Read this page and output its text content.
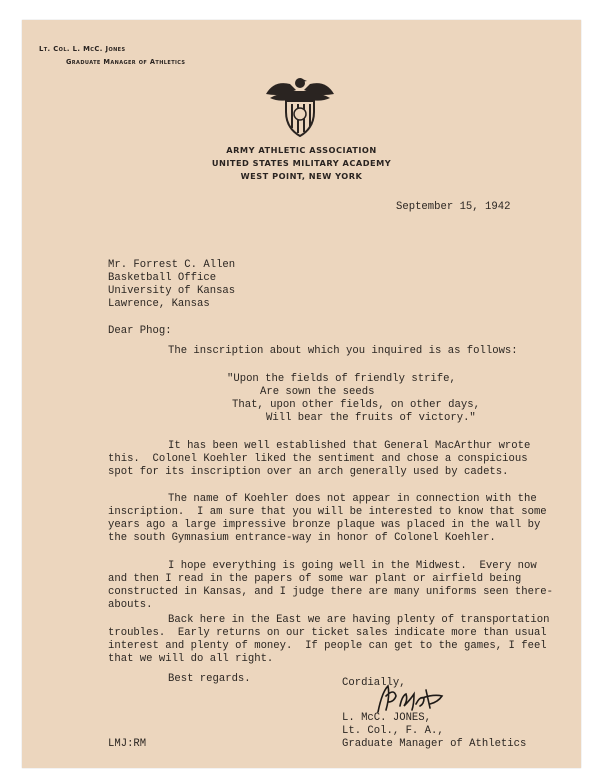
Lt. Col. L. McC. Jones
Graduate Manager of Athletics
ARMY ATHLETIC ASSOCIATION
UNITED STATES MILITARY ACADEMY
WEST POINT, NEW YORK
September 15, 1942
Mr. Forrest C. Allen
Basketball Office
University of Kansas
Lawrence, Kansas
Dear Phog:
The inscription about which you inquired is as follows:
"Upon the fields of friendly strife,
Are sown the seeds
That, upon other fields, on other days,
Will bear the fruits of victory."
It has been well established that General MacArthur wrote
this.  Colonel Koehler liked the sentiment and chose a conspicious
spot for its inscription over an arch generally used by cadets.
The name of Koehler does not appear in connection with the
inscription.  I am sure that you will be interested to know that some
years ago a large impressive bronze plaque was placed in the wall by
the south Gymnasium entrance-way in honor of Colonel Koehler.
I hope everything is going well in the Midwest.  Every now
and then I read in the papers of some war plant or airfield being
constructed in Kansas, and I judge there are many uniforms seen there-
abouts.
Back here in the East we are having plenty of transportation
troubles.  Early returns on our ticket sales indicate more than usual
interest and plenty of money.  If people can get to the games, I feel
that we will do all right.
Best regards.	Cordially,
L. McC. JONES,
Lt. Col., F. A.,
Graduate Manager of Athletics
LMJ:RM
